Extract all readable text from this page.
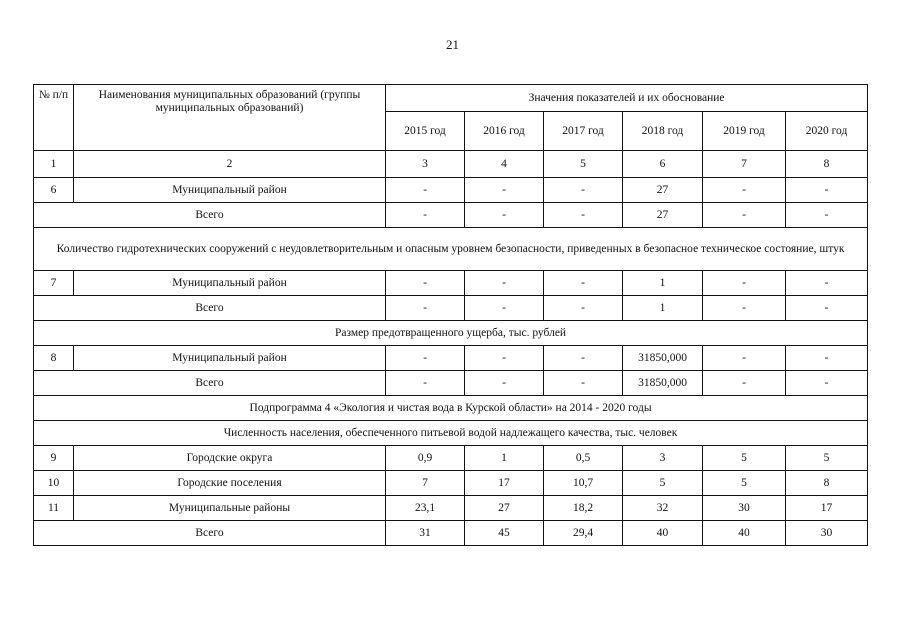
21
№ п/п	Наименования муниципальных образований (группы муниципальных образований)	Значения показателей и их обоснование					
		2015 год	2016 год	2017 год	2018 год	2019 год	2020 год
1	2	3	4	5	6	7	8
6	Муниципальный район	-	-	-	27	-	-
Всего		-	-	-	27	-	-
Количество гидротехнических сооружений с неудовлетворительным и опасным уровнем безопасности, приведенных в безопасное техническое состояние, штук							
7	Муниципальный район	-	-	-	1	-	-
Всего		-	-	-	1	-	-
Размер предотвращенного ущерба, тыс. рублей							
8	Муниципальный район	-	-	-	31850,000	-	-
Всего		-	-	-	31850,000	-	-
Подпрограмма 4 «Экология и чистая вода в Курской области» на 2014 - 2020 годы							
Численность населения, обеспеченного питьевой водой надлежащего качества, тыс. человек							
9	Городские округа	0,9	1	0,5	3	5	5
10	Городские поселения	7	17	10,7	5	5	8
11	Муниципальные районы	23,1	27	18,2	32	30	17
Всего		31	45	29,4	40	40	30
